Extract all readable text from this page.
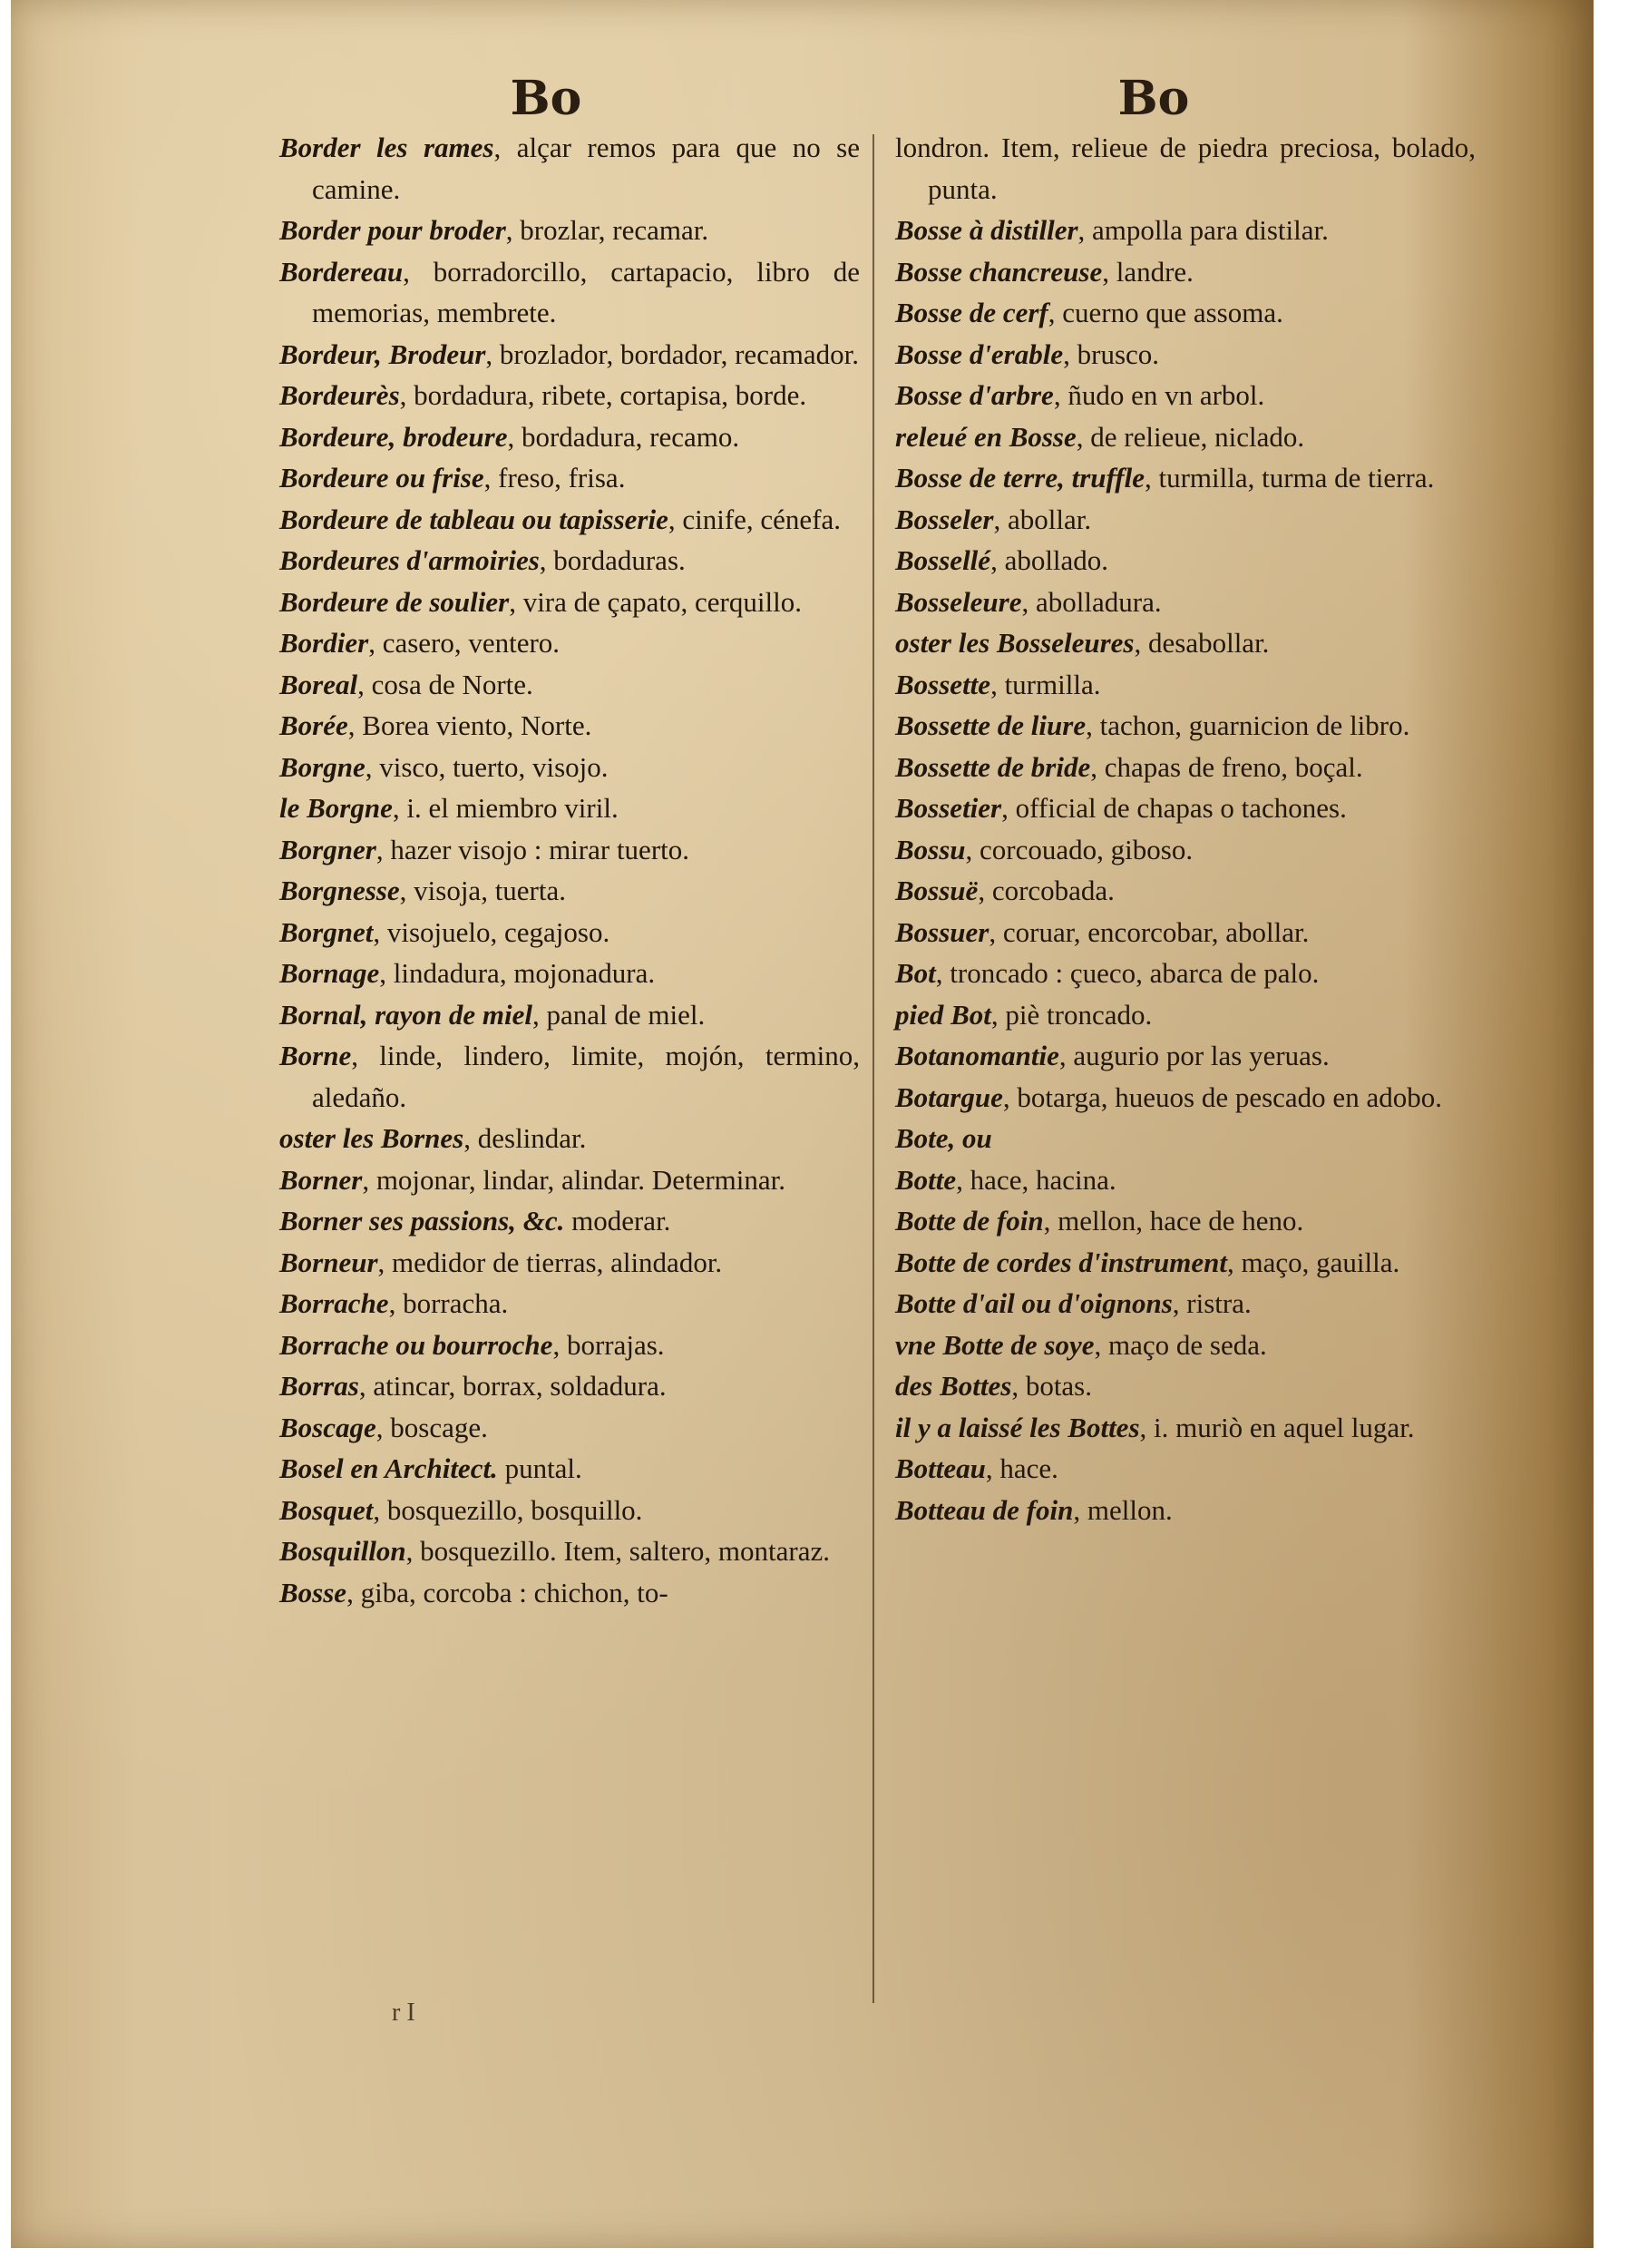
Bo	Bo
Border les rames, alçar remos para que no se camine.
Border pour broder, brozlar, recamar.
Bordereau, borradorcillo, cartapacio, libro de memorias, membrete.
Bordeur, Brodeur, brozlador, bordador, recamador.
Bordeurès, bordadura, ribete, cortapisa, borde.
Bordeure, brodeure, bordadura, recamo.
Bordeure ou frise, freso, frisa.
Bordeure de tableau ou tapisserie, cinife, cénefa.
Bordeures d'armoiries, bordaduras.
Bordeure de soulier, vira de çapato, cerquillo.
Bordier, casero, ventero.
Boreal, cosa de Norte.
Borée, Borea viento, Norte.
Borgne, visco, tuerto, visojo.
le Borgne, i. el miembro viril.
Borgner, hazer visojo : mirar tuerto.
Borgnesse, visoja, tuerta.
Borgnet, visojuelo, cegajoso.
Bornage, lindadura, mojonadura.
Bornal, rayon de miel, panal de miel.
Borne, linde, lindero, limite, mojón, termino, aledaño.
oster les Bornes, deslindar.
Borner, mojonar, lindar, alindar. Determinar.
Borner ses passions, &c. moderar.
Borneur, medidor de tierras, alindador.
Borrache, borracha.
Borrache ou bourroche, borrajas.
Borras, atincar, borrax, soldadura.
Boscage, boscage.
Bosel en Architect. puntal.
Bosquet, bosquezillo, bosquillo.
Bosquillon, bosquezillo. Item, saltero, montaraz.
Bosse, giba, corcoba : chichon, to-
londron. Item, relieue de piedra preciosa, bolado, punta.
Bosse à distiller, ampolla para distilar.
Bosse chancreuse, landre.
Bosse de cerf, cuerno que assoma.
Bosse d'erable, brusco.
Bosse d'arbre, ñudo en vn arbol.
releué en Bosse, de relieue, niclado.
Bosse de terre, truffle, turmilla, turma de tierra.
Bosseler, abollar.
Bossellé, abollado.
Bosseleure, abolladura.
oster les Bosseleures, desabollar.
Bossette, turmilla.
Bossette de liure, tachon, guarnicion de libro.
Bossette de bride, chapas de freno, boçal.
Bossetier, official de chapas o tachones.
Bossu, corcouado, giboso.
Bossuë, corcobada.
Bossuer, coruar, encorcobar, abollar.
Bot, troncado : çueco, abarca de palo.
pied Bot, piè troncado.
Botanomantie, augurio por las yeruas.
Botargue, botarga, hueuos de pescado en adobo.
Bote, ou
Botte, hace, hacina.
Botte de foin, mellon, hace de heno.
Botte de cordes d'instrument, maço, gauilla.
Botte d'ail ou d'oignons, ristra.
vne Botte de soye, maço de seda.
des Bottes, botas.
il y a laissé les Bottes, i. muriò en aquel lugar.
Botteau, hace.
Botteau de foin, mellon.
r I
